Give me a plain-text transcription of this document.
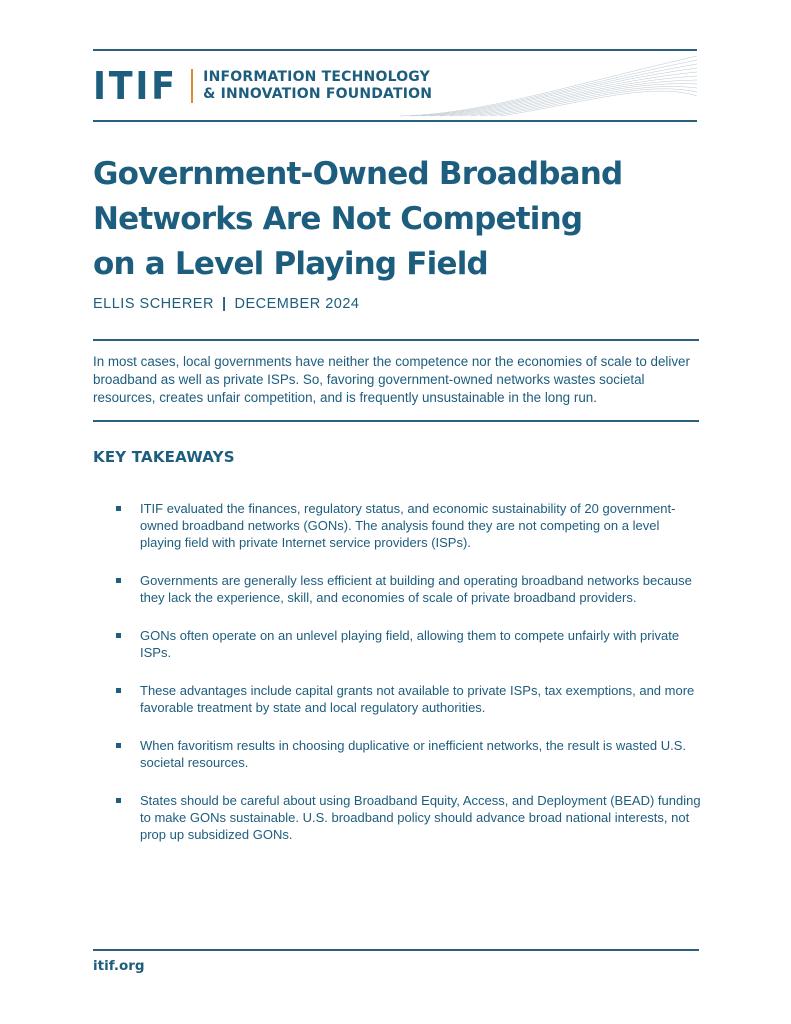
ITIF INFORMATION TECHNOLOGY
& INNOVATION FOUNDATION
Government-Owned Broadband
Networks Are Not Competing
on a Level Playing Field
ELLIS SCHERER | DECEMBER 2024

In most cases, local governments have neither the competence nor the economies of scale to deliver broadband as well as private ISPs. So, favoring government-owned networks wastes societal resources, creates unfair competition, and is frequently unsustainable in the long run.

KEY TAKEAWAYS
ITIF evaluated the finances, regulatory status, and economic sustainability of 20 government-owned broadband networks (GONs). The analysis found they are not competing on a level playing field with private Internet service providers (ISPs).
Governments are generally less efficient at building and operating broadband networks because they lack the experience, skill, and economies of scale of private broadband providers.
GONs often operate on an unlevel playing field, allowing them to compete unfairly with private ISPs.
These advantages include capital grants not available to private ISPs, tax exemptions, and more favorable treatment by state and local regulatory authorities.
When favoritism results in choosing duplicative or inefficient networks, the result is wasted U.S. societal resources.
States should be careful about using Broadband Equity, Access, and Deployment (BEAD) funding to make GONs sustainable. U.S. broadband policy should advance broad national interests, not prop up subsidized GONs.
itif.org
